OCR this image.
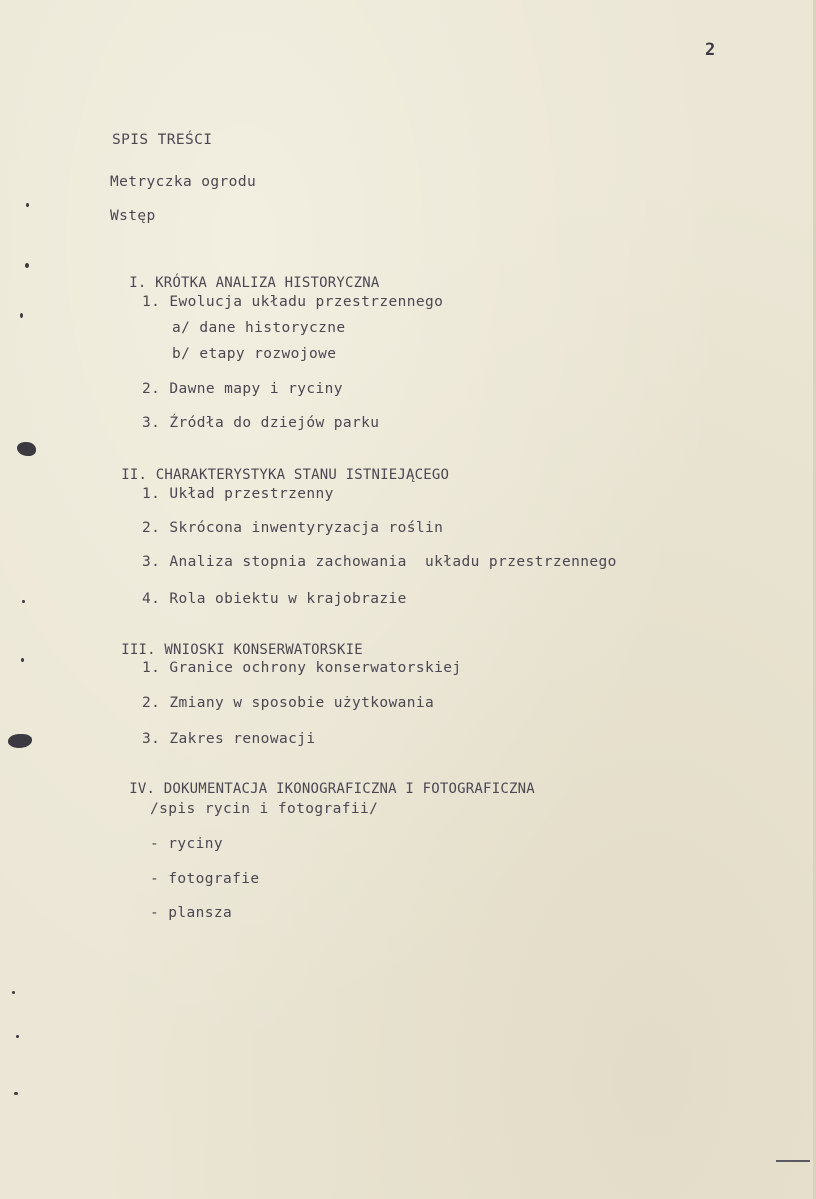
2
SPIS TREŚCI
Metryczka ogrodu
Wstęp

I. KRÓTKA ANALIZA HISTORYCZNA

1. Ewolucja układu przestrzennego
a/ dane historyczne
b/ etapy rozwojowe
2. Dawne mapy i ryciny
3. Źródła do dziejów parku

II. CHARAKTERYSTYKA STANU ISTNIEJĄCEGO

1. Układ przestrzenny
2. Skrócona inwentyryzacja roślin
3. Analiza stopnia zachowania  układu przestrzennego
4. Rola obiektu w krajobrazie

III. WNIOSKI KONSERWATORSKIE

1. Granice ochrony konserwatorskiej
2. Zmiany w sposobie użytkowania
3. Zakres renowacji

IV. DOKUMENTACJA IKONOGRAFICZNA I FOTOGRAFICZNA

/spis rycin i fotografii/
- ryciny
- fotografie
- plansza
